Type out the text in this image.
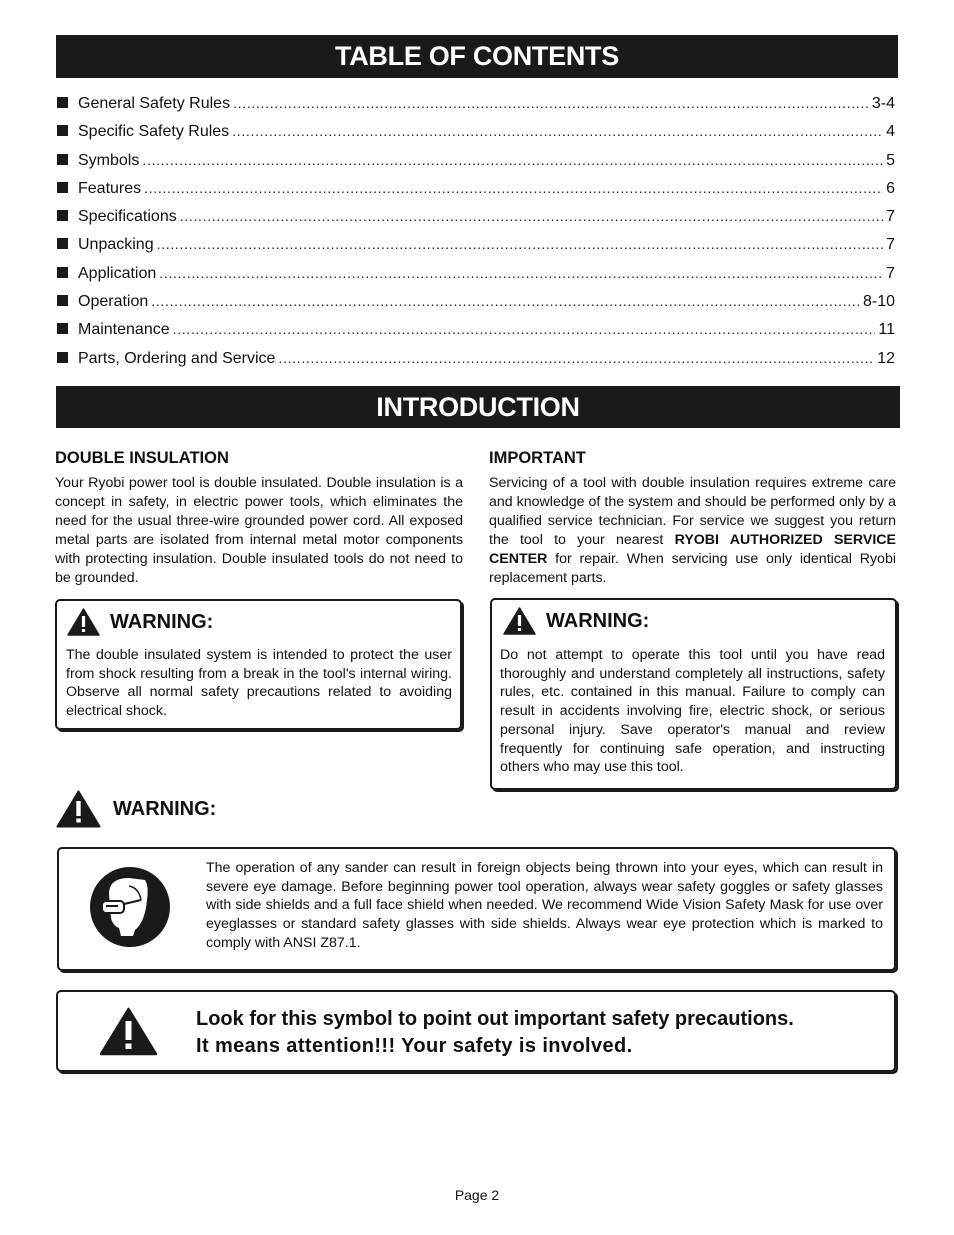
TABLE OF CONTENTS
General Safety Rules . . .	3-4
Specific Safety Rules . . .	4
Symbols . . .	5
Features . . .	6
Specifications . . .	7
Unpacking . . .	7
Application . . .	7
Operation . . .	8-10
Maintenance . . .	11
Parts, Ordering and Service . . .	12
INTRODUCTION
DOUBLE INSULATION
Your Ryobi power tool is double insulated. Double insulation is a concept in safety, in electric power tools, which eliminates the need for the usual three-wire grounded power cord. All exposed metal parts are isolated from internal metal motor components with protecting insulation. Double insulated tools do not need to be grounded.
IMPORTANT
Servicing of a tool with double insulation requires extreme care and knowledge of the system and should be performed only by a qualified service technician. For service we suggest you return the tool to your nearest RYOBI AUTHORIZED SERVICE CENTER for repair. When servicing use only identical Ryobi replacement parts.
WARNING:
The double insulated system is intended to protect the user from shock resulting from a break in the tool's internal wiring. Observe all normal safety precautions related to avoiding electrical shock.
WARNING:
Do not attempt to operate this tool until you have read thoroughly and understand completely all instructions, safety rules, etc. contained in this manual. Failure to comply can result in accidents involving fire, electric shock, or serious personal injury. Save operator's manual and review frequently for continuing safe operation, and instructing others who may use this tool.
WARNING:
The operation of any sander can result in foreign objects being thrown into your eyes, which can result in severe eye damage. Before beginning power tool operation, always wear safety goggles or safety glasses with side shields and a full face shield when needed. We recommend Wide Vision Safety Mask for use over eyeglasses or standard safety glasses with side shields. Always wear eye protection which is marked to comply with ANSI Z87.1.
Look for this symbol to point out important safety precautions.
It means attention!!! Your safety is involved.
Page 2
